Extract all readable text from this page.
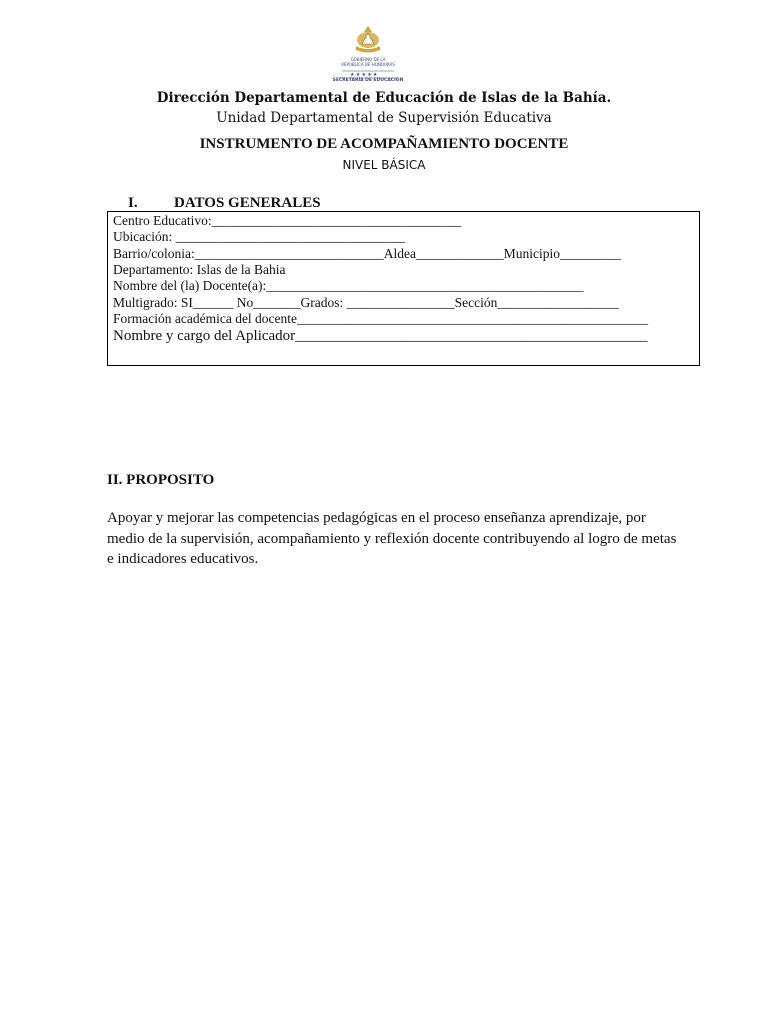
★ ★ ★ ★ ★
GOBIERNO DE LA
REPÚBLICA DE HONDURAS
SECRETARÍA DE EDUCACIÓN
Dirección Departamental de Educación de Islas de la Bahía.
Unidad Departamental de Supervisión Educativa
INSTRUMENTO DE ACOMPAÑAMIENTO DOCENTE
NIVEL BÁSICA
I. DATOS GENERALES
Centro Educativo:_____________________________________
Ubicación: __________________________________
Barrio/colonia:____________________________Aldea_____________Municipio_________
Departamento: Islas de la Bahia
Nombre del (la) Docente(a):_______________________________________________
Multigrado: SI______ No_______Grados: ________________Sección__________________
Formación académica del docente____________________________________________________
Nombre y cargo del Aplicador_______________________________________________
II. PROPOSITO
Apoyar y mejorar las competencias pedagógicas en el proceso enseñanza aprendizaje, por medio de la supervisión, acompañamiento y reflexión docente contribuyendo al logro de metas e indicadores educativos.
